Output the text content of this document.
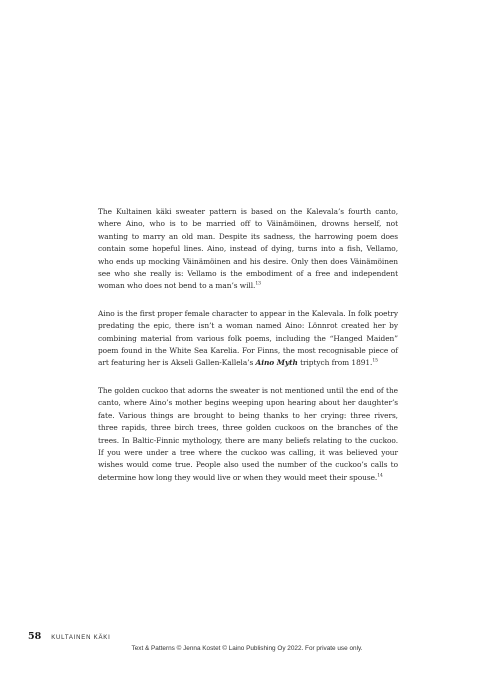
The Kultainen käki sweater pattern is based on the Kalevala’s fourth canto, where Aino, who is to be married off to Väinämöinen, drowns herself, not wanting to marry an old man. Despite its sadness, the harrowing poem does contain some hopeful lines. Aino, instead of dying, turns into a fish, Vellamo, who ends up mocking Väinämöinen and his desire. Only then does Väinämöinen see who she really is: Vellamo is the embodiment of a free and independent woman who does not bend to a man’s will.$^{13}$

Aino is the first proper female character to appear in the Kalevala. In folk poetry predating the epic, there isn’t a woman named Aino: Lönnrot created her by combining material from various folk poems, including the “Hanged Maiden” poem found in the White Sea Karelia. For Finns, the most recognisable piece of art featuring her is Akseli Gallen-Kallela’s Aino Myth triptych from 1891.15

The golden cuckoo that adorns the sweater is not mentioned until the end of the canto, where Aino’s mother begins weeping upon hearing about her daughter’s fate. Various things are brought to being thanks to her crying: three rivers, three rapids, three birch trees, three golden cuckoos on the branches of the trees. In Baltic-Finnic mythology, there are many beliefs relating to the cuckoo. If you were under a tree where the cuckoo was calling, it was believed your wishes would come true. People also used the number of the cuckoo’s calls to determine how long they would live or when they would meet their spouse.$^{14}$

58 KULTAINEN KÄKI
Text & Patterns © Jenna Kostet © Laino Publishing Oy 2022. For private use only.
